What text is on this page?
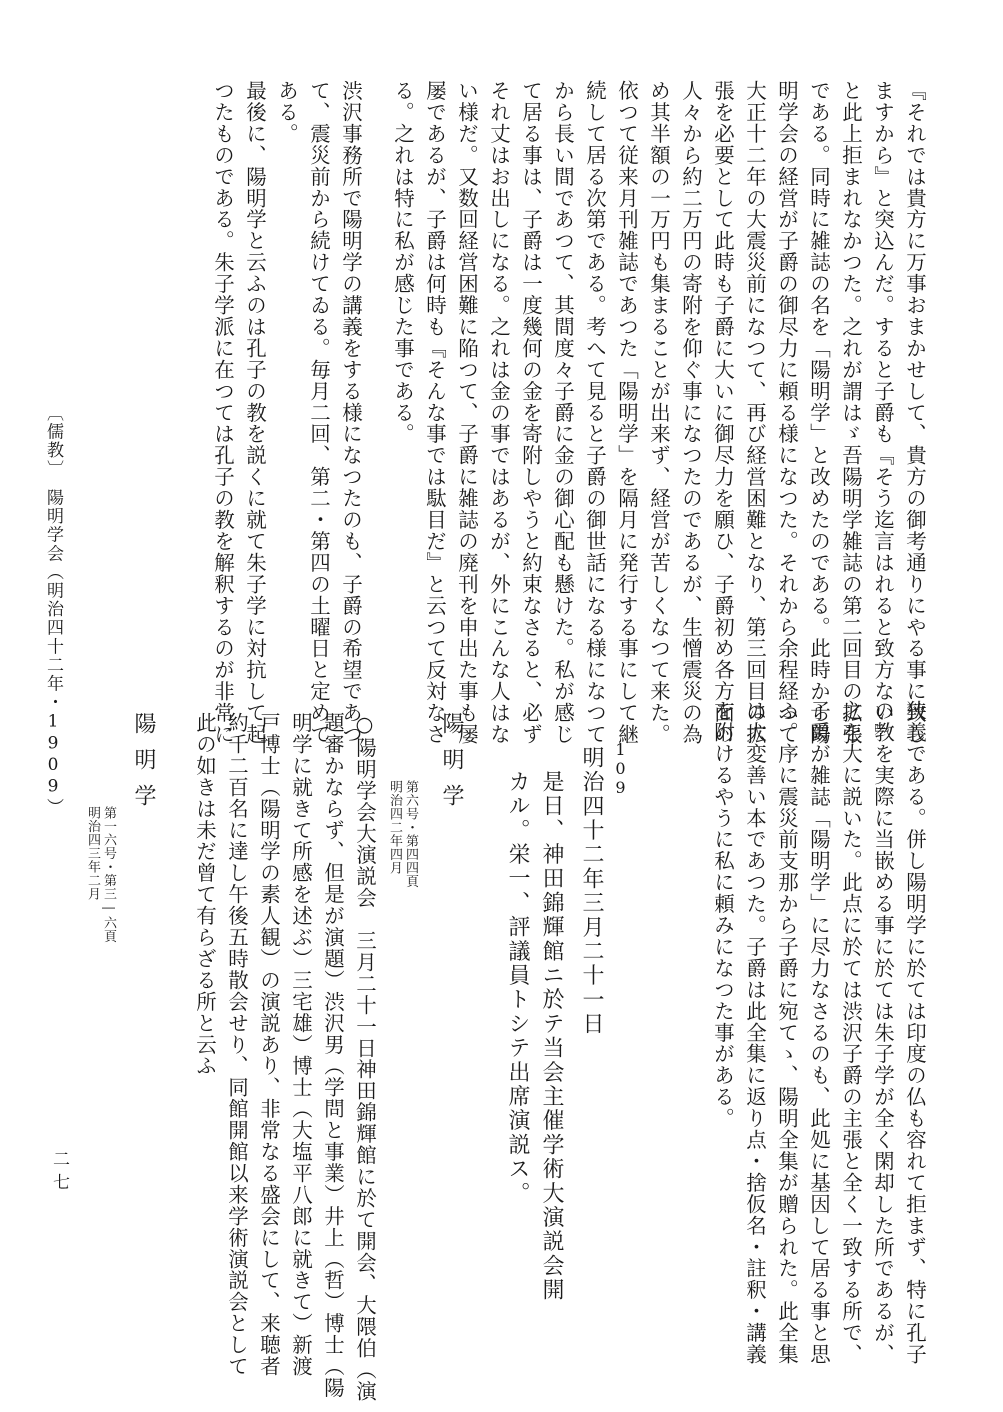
『それでは貴方に万事おまかせして、貴方の御考通りにやる事に致し
ますから』と突込んだ。すると子爵も『そう迄言はれると致方ない』
と此上拒まれなかつた。之れが謂はゞ吾陽明学雑誌の第二回目の拡張
である。同時に雑誌の名を「陽明学」と改めたのである。此時から陽
明学会の経営が子爵の御尽力に頼る様になつた。それから余程経つて
大正十二年の大震災前になつて、再び経営困難となり、第三回目の拡
張を必要として此時も子爵に大いに御尽力を願ひ、子爵初め各方面の
人々から約二万円の寄附を仰ぐ事になつたのであるが、生憎震災の為
め其半額の一万円も集まることが出来ず、経営が苦しくなつて来た。
依つて従来月刊雑誌であつた「陽明学」を隔月に発行する事にして継
続して居る次第である。考へて見ると子爵の御世話になる様になつて
から長い間であつて、其間度々子爵に金の御心配も懸けた。私が感じ
て居る事は、子爵は一度幾何の金を寄附しやうと約束なさると、必ず
それ丈はお出しになる。之れは金の事ではあるが、外にこんな人はな
い様だ。又数回経営困難に陥つて、子爵に雑誌の廃刊を申出た事も屡
屡であるが、子爵は何時も『そんな事では駄目だ』と云つて反対なさ
る。之れは特に私が感じた事である。
渋沢事務所で陽明学の講義をする様になつたのも、子爵の希望であつ
て、震災前から続けてゐる。毎月二回、第二・第四の土曜日と定めて
ある。
最後に、陽明学と云ふのは孔子の教を説くに就て朱子学に対抗して起
つたものである。朱子学派に在つては孔子の教を解釈するのが非常に
狭義である。併し陽明学に於ては印度の仏も容れて拒まず、特に孔子
の教を実際に当嵌める事に於ては朱子学が全く閑却した所であるが、
之を大に説いた。此点に於ては渋沢子爵の主張と全く一致する所で、
子爵が雑誌「陽明学」に尽力なさるのも、此処に基因して居る事と思
ふ。序に震災前支那から子爵に宛てゝ、陽明全集が贈られた。此全集
は大変善い本であつた。子爵は此全集に返り点・捨仮名・註釈・講義
を附けるやうに私に頼みになつた事がある。
109
明治四十二年三月二十一日
是日、神田錦輝館ニ於テ当会主催学術大演説会開
カル。栄一、評議員トシテ出席演説ス。
陽明学
第六号・第四四頁
明治四二年四月
○陽明学会大演説会　三月二十一日神田錦輝館に於て開会、大隈伯（演
題審かならず、但是が演題）渋沢男（学問と事業）井上（哲）博士（陽
明学に就きて所感を述ぶ）三宅雄）博士（大塩平八郎に就きて）新渡
戸博士（陽明学の素人観）の演説あり、非常なる盛会にして、来聴者
約千二百名に達し午後五時散会せり、同館開館以来学術演説会として
此の如きは未だ曾て有らざる所と云ふ
陽明学
第一六号・第三―六頁
明治四三年二月
〔儒教〕　陽明学会（明治四十二年・1909）
二七
